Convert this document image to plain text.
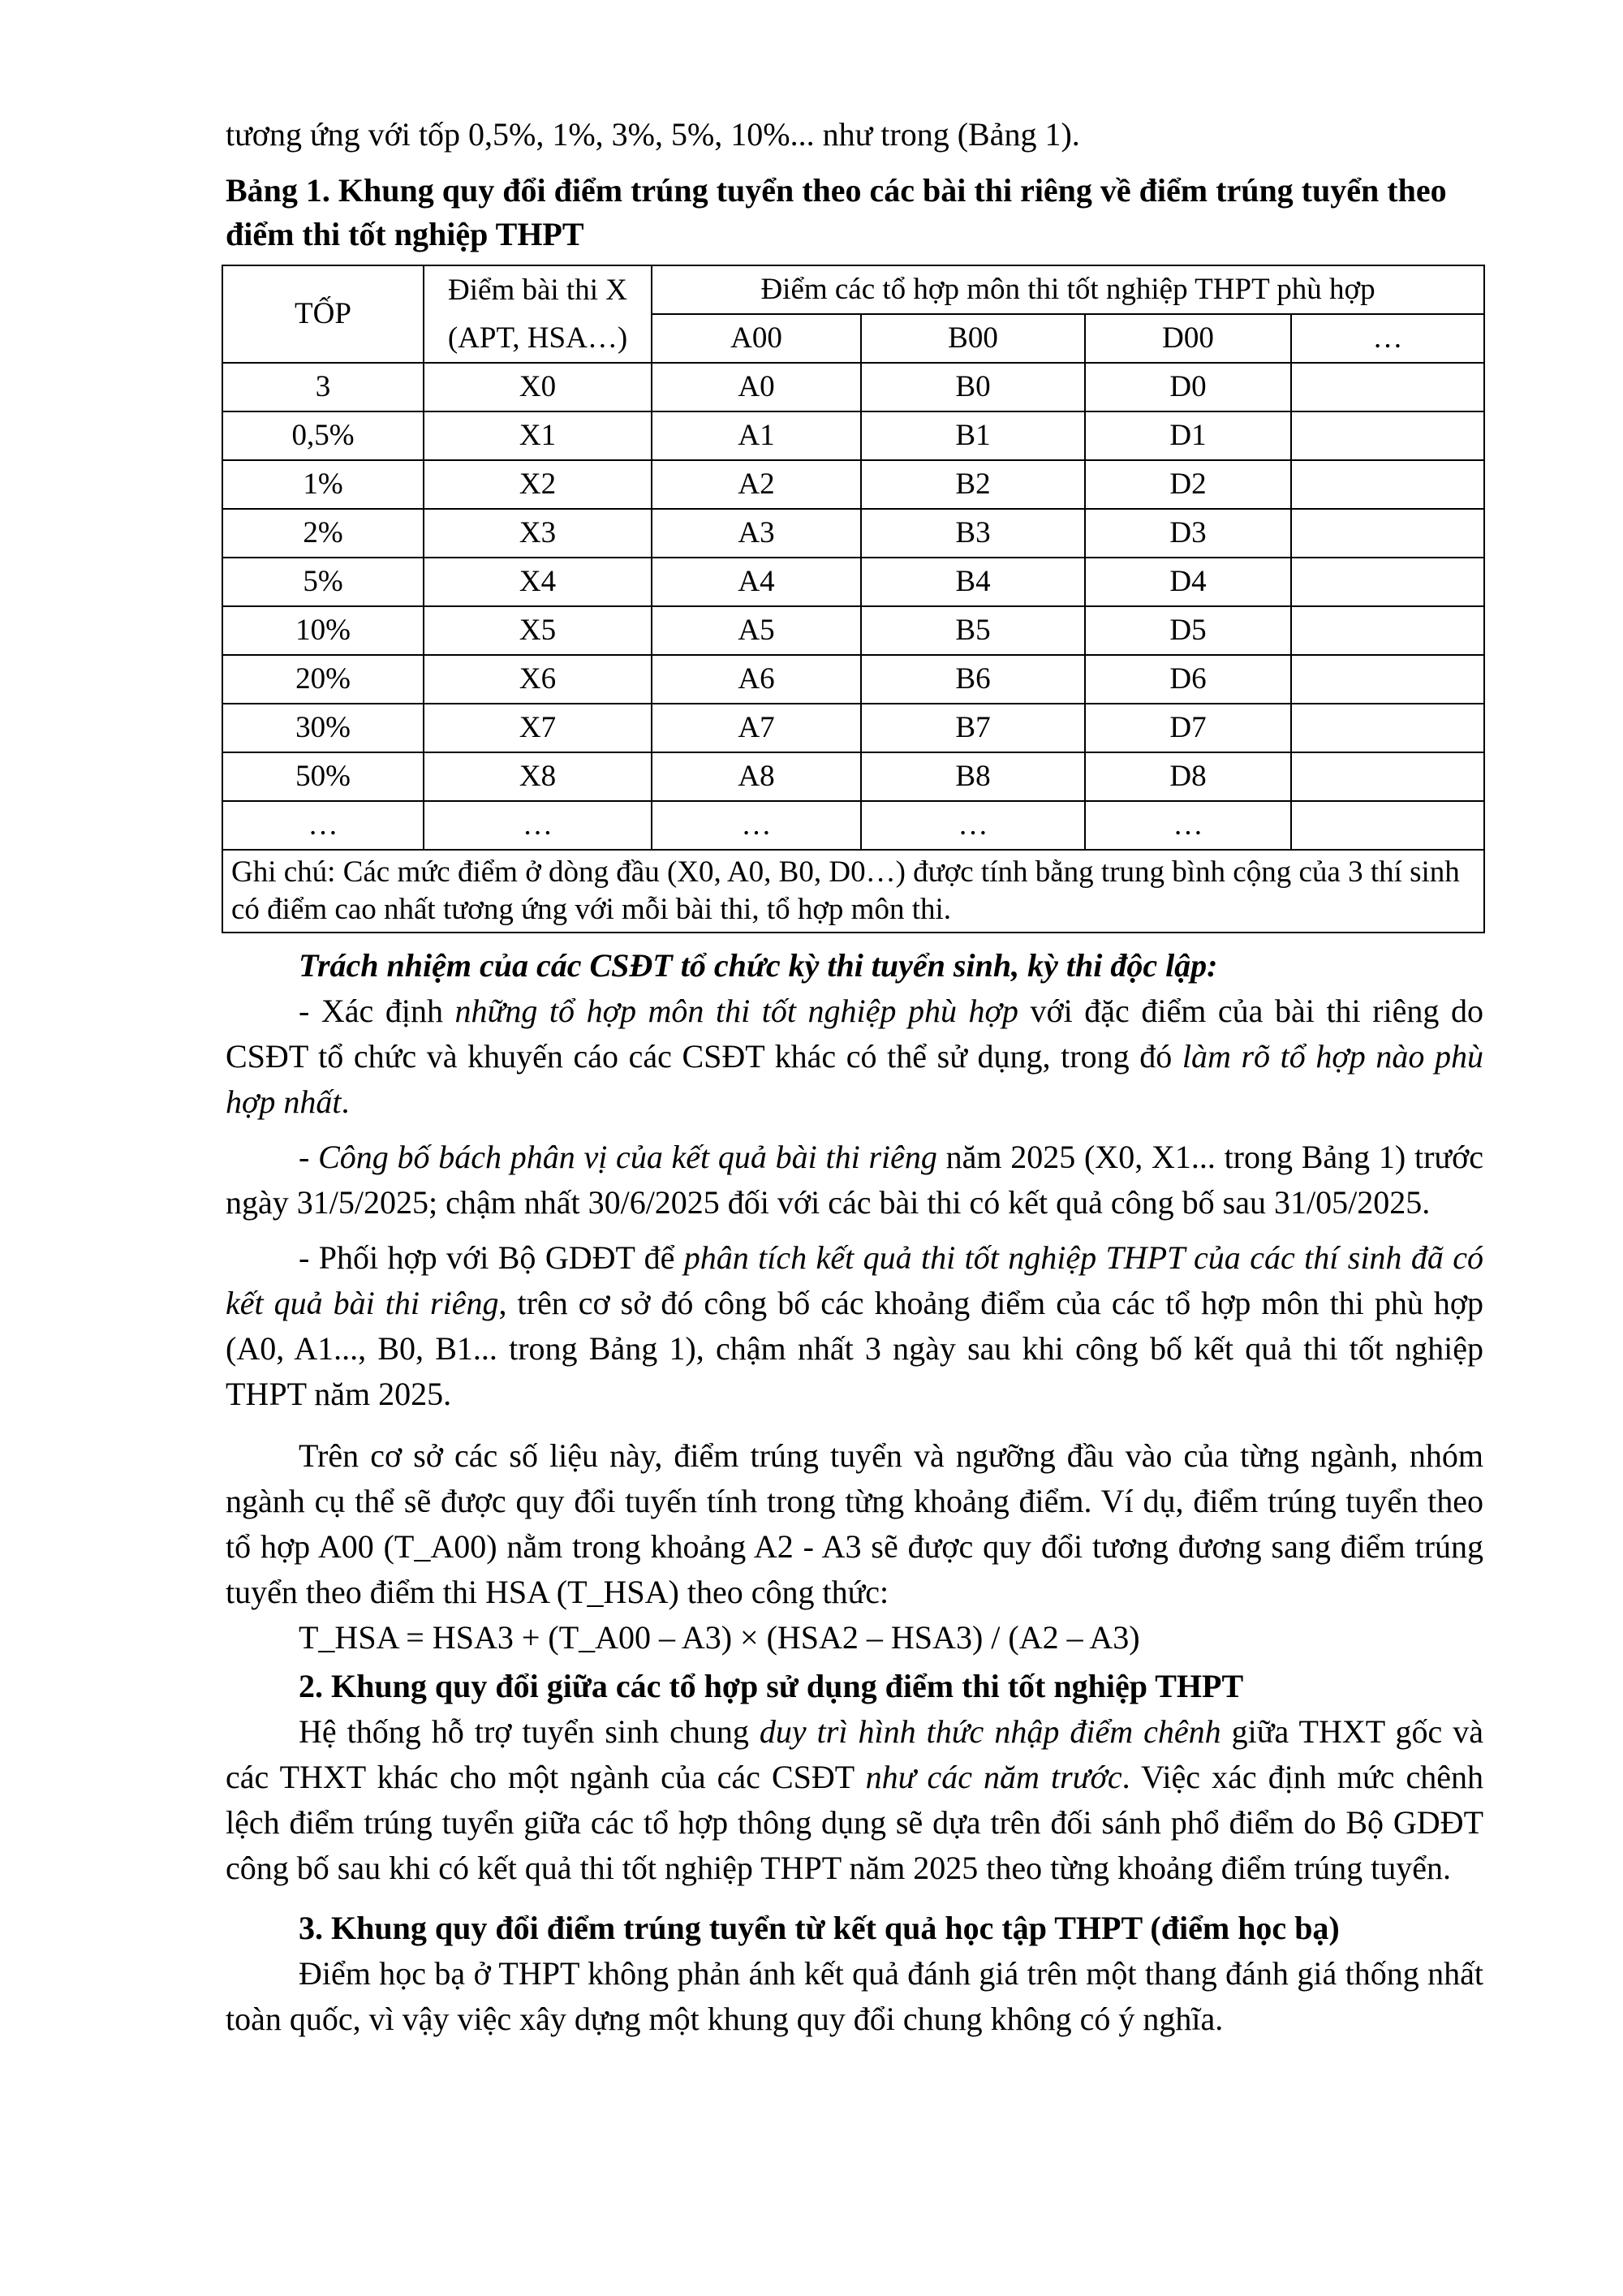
tương ứng với tốp 0,5%, 1%, 3%, 5%, 10%... như trong (Bảng 1).
Bảng 1. Khung quy đổi điểm trúng tuyển theo các bài thi riêng về điểm trúng tuyển theo điểm thi tốt nghiệp THPT
TỐP	Điểm bài thi X	Điểm các tổ hợp môn thi tốt nghiệp THPT phù hợp			
	(APT, HSA…)	A00	B00	D00	…
3	X0	A0	B0	D0	
0,5%	X1	A1	B1	D1	
1%	X2	A2	B2	D2	
2%	X3	A3	B3	D3	
5%	X4	A4	B4	D4	
10%	X5	A5	B5	D5	
20%	X6	A6	B6	D6	
30%	X7	A7	B7	D7	
50%	X8	A8	B8	D8	
…	…	…	…	…	
Ghi chú: Các mức điểm ở dòng đầu (X0, A0, B0, D0…) được tính bằng trung bình cộng của 3 thí sinh có điểm cao nhất tương ứng với mỗi bài thi, tổ hợp môn thi.					

Trách nhiệm của các CSĐT tổ chức kỳ thi tuyển sinh, kỳ thi độc lập:

- Xác định những tổ hợp môn thi tốt nghiệp phù hợp với đặc điểm của bài thi riêng do CSĐT tổ chức và khuyến cáo các CSĐT khác có thể sử dụng, trong đó làm rõ tổ hợp nào phù hợp nhất.

- Công bố bách phân vị của kết quả bài thi riêng năm 2025 (X0, X1... trong Bảng 1) trước ngày 31/5/2025; chậm nhất 30/6/2025 đối với các bài thi có kết quả công bố sau 31/05/2025.

- Phối hợp với Bộ GDĐT để phân tích kết quả thi tốt nghiệp THPT của các thí sinh đã có kết quả bài thi riêng, trên cơ sở đó công bố các khoảng điểm của các tổ hợp môn thi phù hợp (A0, A1..., B0, B1... trong Bảng 1), chậm nhất 3 ngày sau khi công bố kết quả thi tốt nghiệp THPT năm 2025.

Trên cơ sở các số liệu này, điểm trúng tuyển và ngưỡng đầu vào của từng ngành, nhóm ngành cụ thể sẽ được quy đổi tuyến tính trong từng khoảng điểm. Ví dụ, điểm trúng tuyển theo tổ hợp A00 (T_A00) nằm trong khoảng A2 - A3 sẽ được quy đổi tương đương sang điểm trúng tuyển theo điểm thi HSA (T_HSA) theo công thức:

T_HSA = HSA3 + (T_A00 – A3) × (HSA2 – HSA3) / (A2 – A3)

2. Khung quy đổi giữa các tổ hợp sử dụng điểm thi tốt nghiệp THPT

Hệ thống hỗ trợ tuyển sinh chung duy trì hình thức nhập điểm chênh giữa THXT gốc và các THXT khác cho một ngành của các CSĐT như các năm trước. Việc xác định mức chênh lệch điểm trúng tuyển giữa các tổ hợp thông dụng sẽ dựa trên đối sánh phổ điểm do Bộ GDĐT công bố sau khi có kết quả thi tốt nghiệp THPT năm 2025 theo từng khoảng điểm trúng tuyển.

3. Khung quy đổi điểm trúng tuyển từ kết quả học tập THPT (điểm học bạ)

Điểm học bạ ở THPT không phản ánh kết quả đánh giá trên một thang đánh giá thống nhất toàn quốc, vì vậy việc xây dựng một khung quy đổi chung không có ý nghĩa.
